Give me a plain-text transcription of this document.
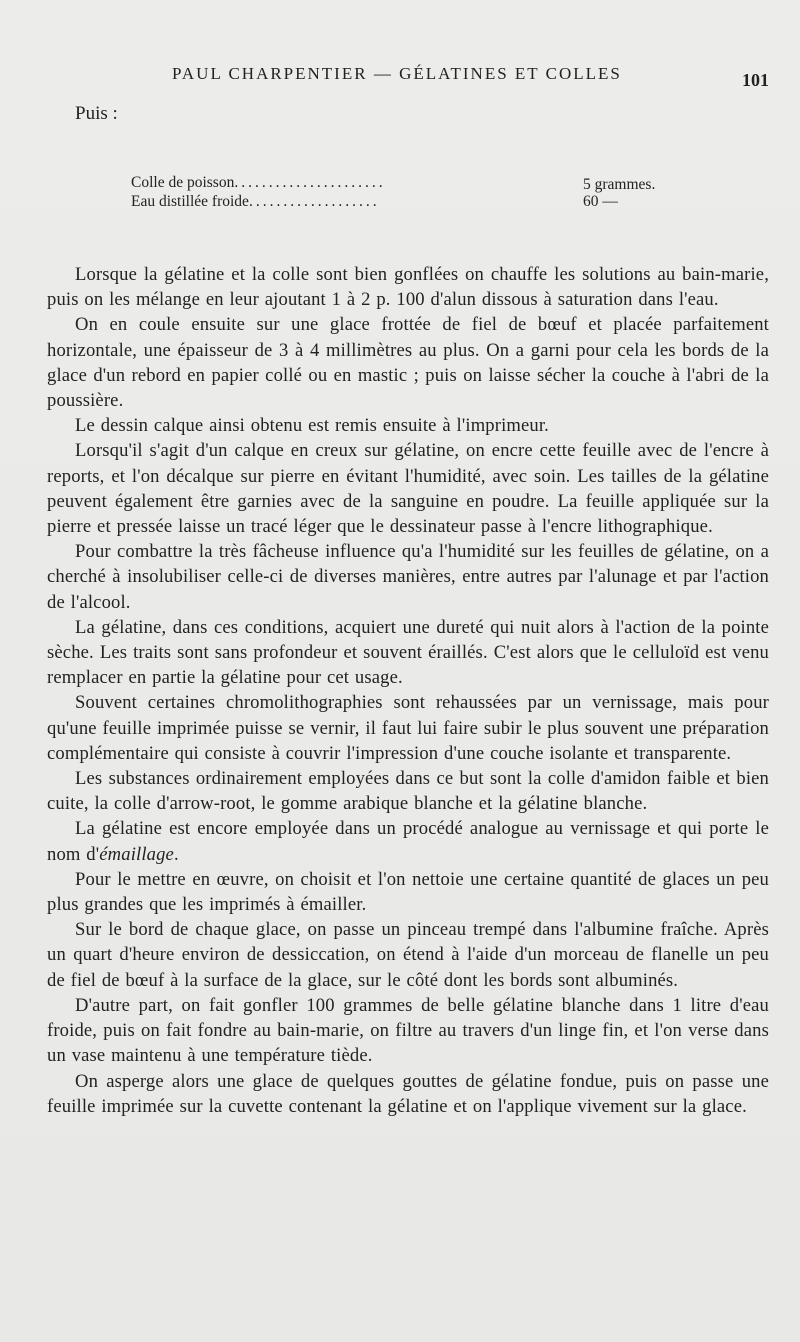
PAUL CHARPENTIER — GÉLATINES ET COLLES	101
Puis :
Colle de poisson......................	5 grammes.
Eau distillée froide...................	60 —

Lorsque la gélatine et la colle sont bien gonflées on chauffe les solutions au bain-marie, puis on les mélange en leur ajoutant 1 à 2 p. 100 d'alun dissous à saturation dans l'eau.

On en coule ensuite sur une glace frottée de fiel de bœuf et placée parfaitement horizontale, une épaisseur de 3 à 4 millimètres au plus. On a garni pour cela les bords de la glace d'un rebord en papier collé ou en mastic ; puis on laisse sécher la couche à l'abri de la poussière.

Le dessin calque ainsi obtenu est remis ensuite à l'imprimeur.

Lorsqu'il s'agit d'un calque en creux sur gélatine, on encre cette feuille avec de l'encre à reports, et l'on décalque sur pierre en évitant l'humidité, avec soin. Les tailles de la gélatine peuvent également être garnies avec de la sanguine en poudre. La feuille appliquée sur la pierre et pressée laisse un tracé léger que le dessinateur passe à l'encre lithographique.

Pour combattre la très fâcheuse influence qu'a l'humidité sur les feuilles de gélatine, on a cherché à insolubiliser celle-ci de diverses manières, entre autres par l'alunage et par l'action de l'alcool.

La gélatine, dans ces conditions, acquiert une dureté qui nuit alors à l'action de la pointe sèche. Les traits sont sans profondeur et souvent éraillés. C'est alors que le celluloïd est venu remplacer en partie la gélatine pour cet usage.

Souvent certaines chromolithographies sont rehaussées par un vernissage, mais pour qu'une feuille imprimée puisse se vernir, il faut lui faire subir le plus souvent une préparation complémentaire qui consiste à couvrir l'impression d'une couche isolante et transparente.

Les substances ordinairement employées dans ce but sont la colle d'amidon faible et bien cuite, la colle d'arrow-root, le gomme arabique blanche et la gélatine blanche.

La gélatine est encore employée dans un procédé analogue au vernissage et qui porte le nom d'émaillage.

Pour le mettre en œuvre, on choisit et l'on nettoie une certaine quantité de glaces un peu plus grandes que les imprimés à émailler.

Sur le bord de chaque glace, on passe un pinceau trempé dans l'albumine fraîche. Après un quart d'heure environ de dessiccation, on étend à l'aide d'un morceau de flanelle un peu de fiel de bœuf à la surface de la glace, sur le côté dont les bords sont albuminés.

D'autre part, on fait gonfler 100 grammes de belle gélatine blanche dans 1 litre d'eau froide, puis on fait fondre au bain-marie, on filtre au travers d'un linge fin, et l'on verse dans un vase maintenu à une température tiède.

On asperge alors une glace de quelques gouttes de gélatine fondue, puis on passe une feuille imprimée sur la cuvette contenant la gélatine et on l'applique vivement sur la glace.
